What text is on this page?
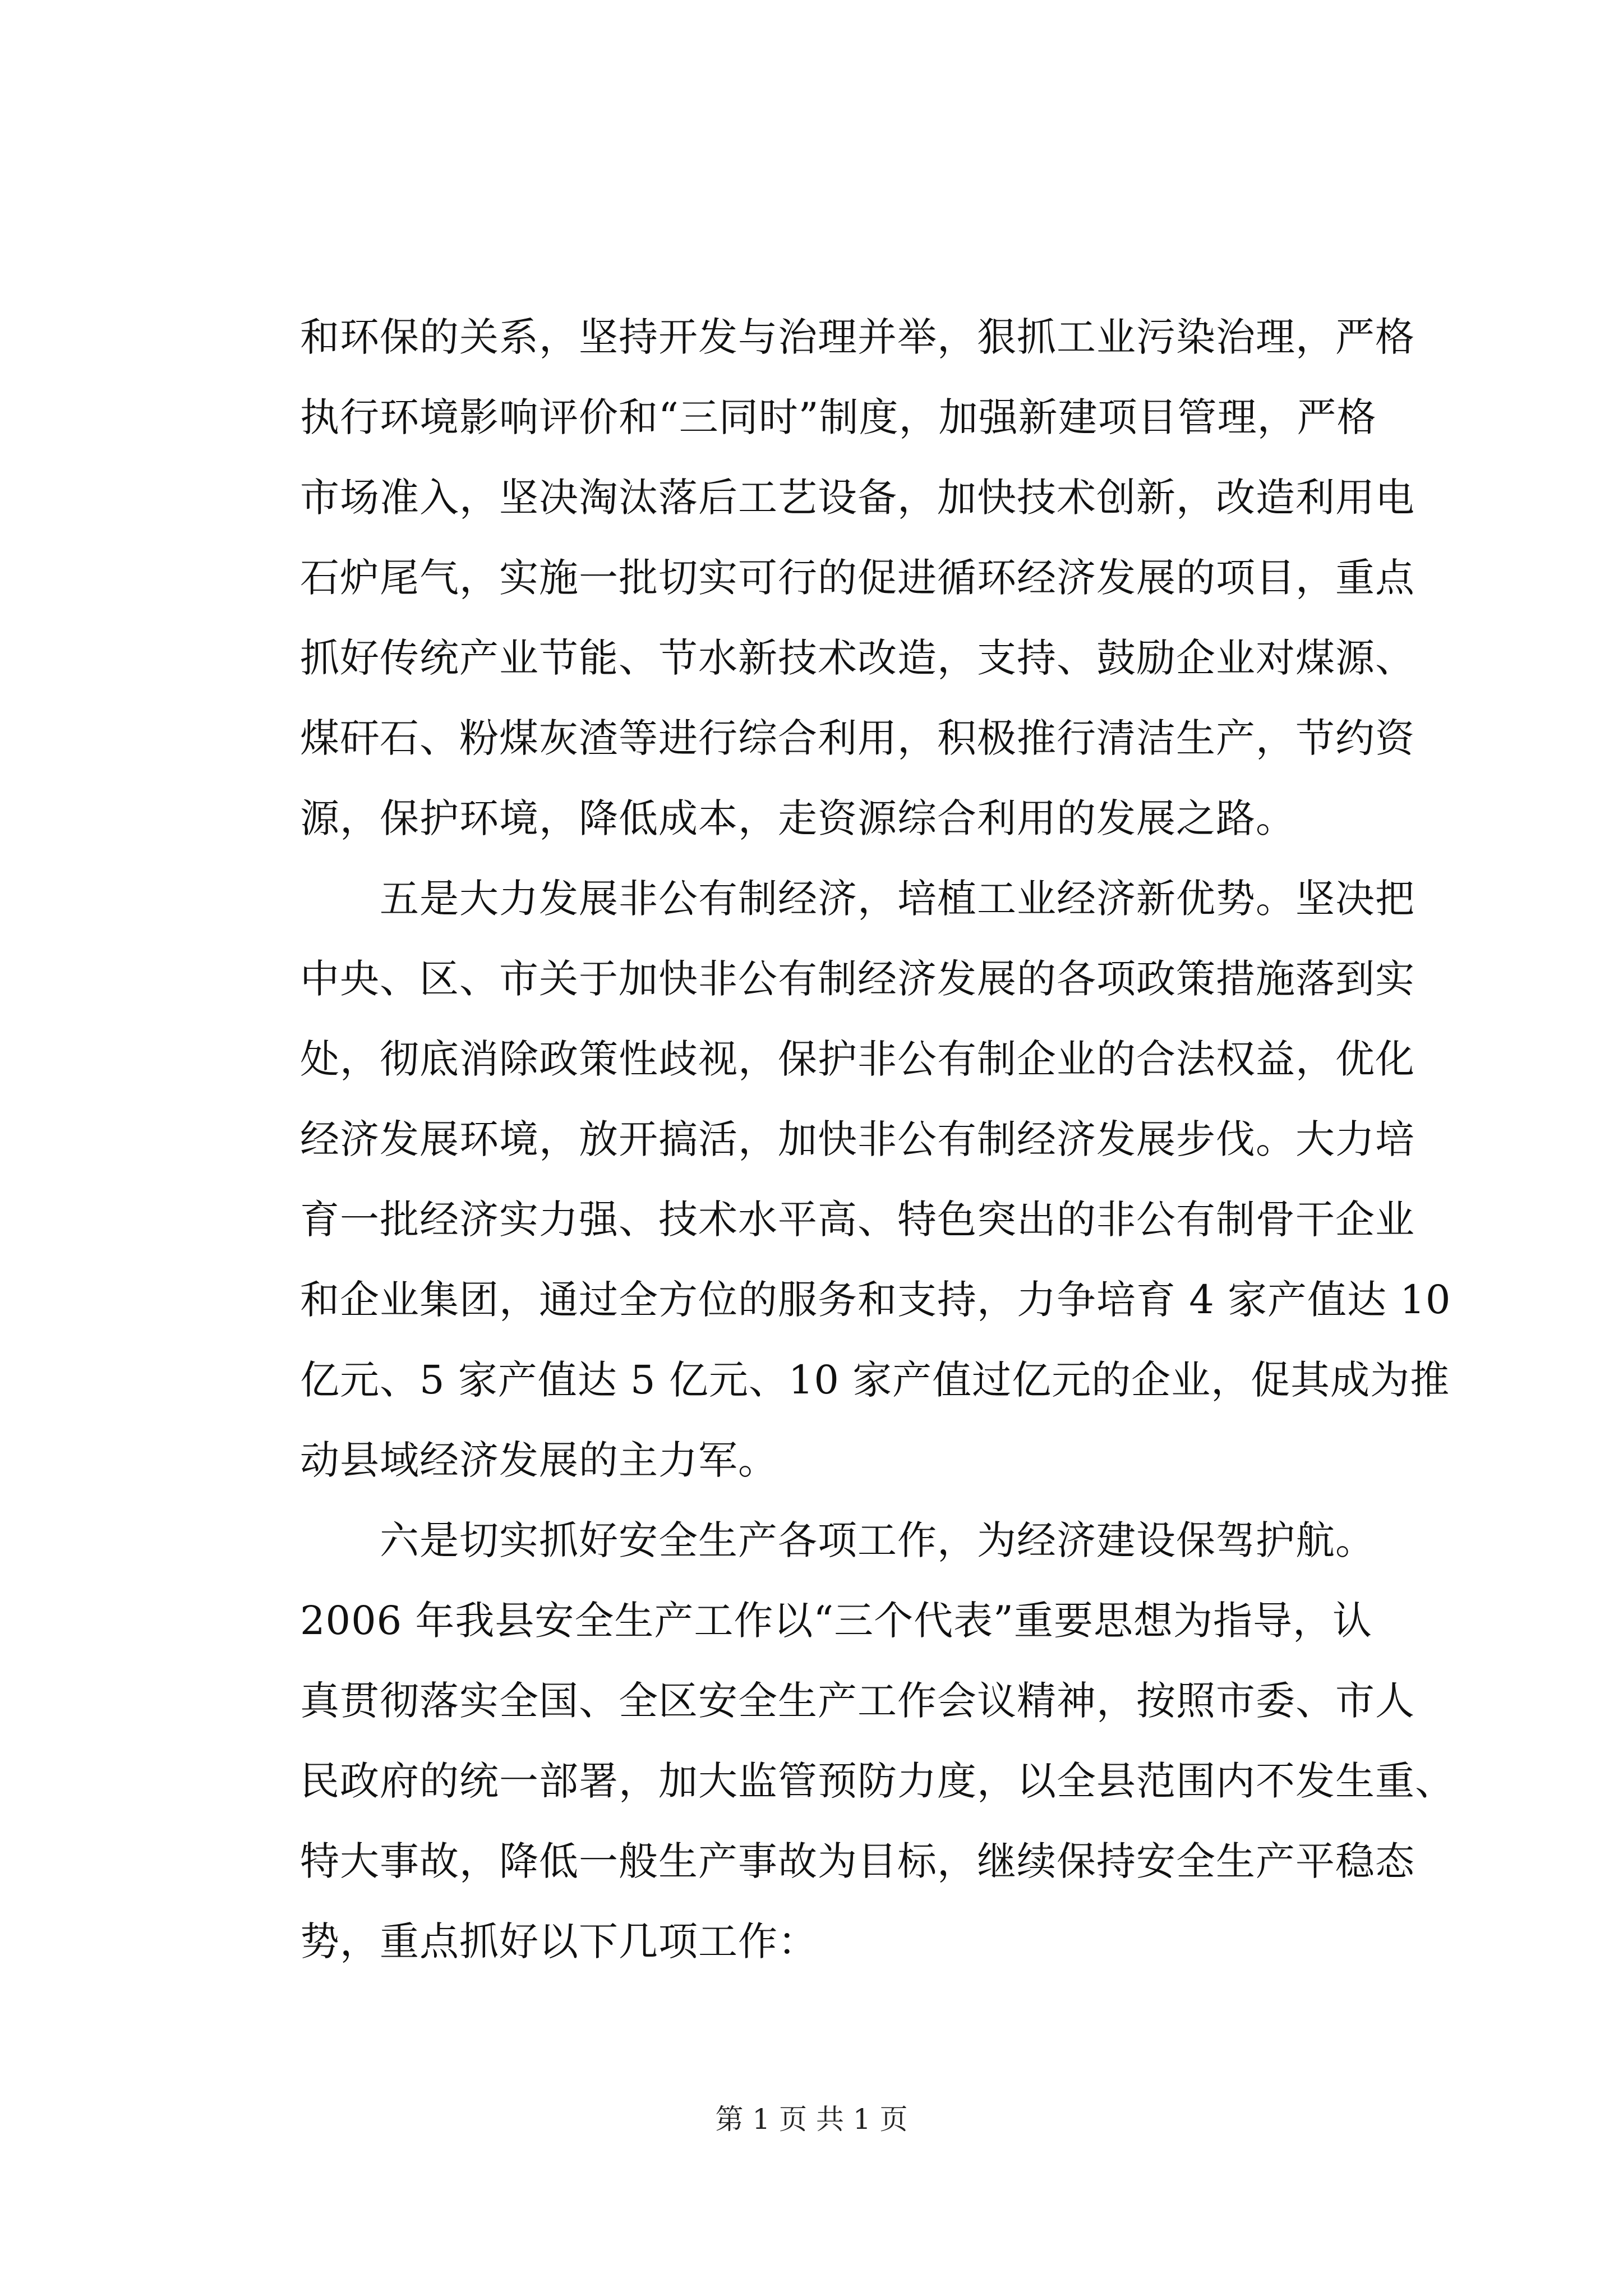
和环保的关系，坚持开发与治理并举，狠抓工业污染治理，严格
执行环境影响评价和“三同时”制度，加强新建项目管理，严格
市场准入，坚决淘汰落后工艺设备，加快技术创新，改造利用电
石炉尾气，实施一批切实可行的促进循环经济发展的项目，重点
抓好传统产业节能、节水新技术改造，支持、鼓励企业对煤源、
煤矸石、粉煤灰渣等进行综合利用，积极推行清洁生产，节约资
源，保护环境，降低成本，走资源综合利用的发展之路。
　　五是大力发展非公有制经济，培植工业经济新优势。坚决把
中央、区、市关于加快非公有制经济发展的各项政策措施落到实
处，彻底消除政策性歧视，保护非公有制企业的合法权益，优化
经济发展环境，放开搞活，加快非公有制经济发展步伐。大力培
育一批经济实力强、技术水平高、特色突出的非公有制骨干企业
和企业集团，通过全方位的服务和支持，力争培育 4 家产值达 10
亿元、5 家产值达 5 亿元、10 家产值过亿元的企业，促其成为推
动县域经济发展的主力军。
　　六是切实抓好安全生产各项工作，为经济建设保驾护航。
2006 年我县安全生产工作以“三个代表”重要思想为指导，认
真贯彻落实全国、全区安全生产工作会议精神，按照市委、市人
民政府的统一部署，加大监管预防力度，以全县范围内不发生重、
特大事故，降低一般生产事故为目标，继续保持安全生产平稳态
势，重点抓好以下几项工作：
第 1 页 共 1 页
